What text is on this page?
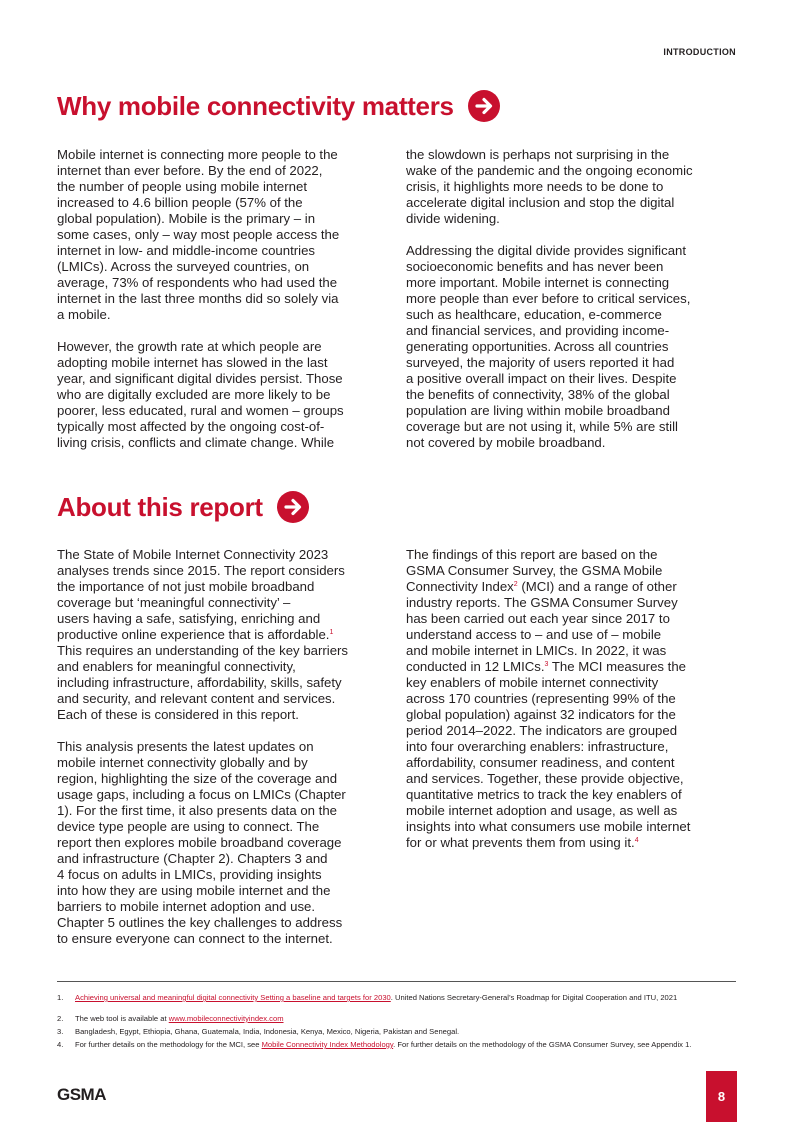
INTRODUCTION
Why mobile connectivity matters
Mobile internet is connecting more people to the
internet than ever before. By the end of 2022,
the number of people using mobile internet
increased to 4.6 billion people (57% of the
global population). Mobile is the primary – in
some cases, only – way most people access the
internet in low- and middle-income countries
(LMICs). Across the surveyed countries, on
average, 73% of respondents who had used the
internet in the last three months did so solely via
a mobile.
However, the growth rate at which people are
adopting mobile internet has slowed in the last
year, and significant digital divides persist. Those
who are digitally excluded are more likely to be
poorer, less educated, rural and women – groups
typically most affected by the ongoing cost-of-
living crisis, conflicts and climate change. While
the slowdown is perhaps not surprising in the
wake of the pandemic and the ongoing economic
crisis, it highlights more needs to be done to
accelerate digital inclusion and stop the digital
divide widening.
Addressing the digital divide provides significant
socioeconomic benefits and has never been
more important. Mobile internet is connecting
more people than ever before to critical services,
such as healthcare, education, e-commerce
and financial services, and providing income-
generating opportunities. Across all countries
surveyed, the majority of users reported it had
a positive overall impact on their lives. Despite
the benefits of connectivity, 38% of the global
population are living within mobile broadband
coverage but are not using it, while 5% are still
not covered by mobile broadband.
About this report
The State of Mobile Internet Connectivity 2023
analyses trends since 2015. The report considers
the importance of not just mobile broadband
coverage but ‘meaningful connectivity’ –
users having a safe, satisfying, enriching and
productive online experience that is affordable.$^1$
This requires an understanding of the key barriers
and enablers for meaningful connectivity,
including infrastructure, affordability, skills, safety
and security, and relevant content and services.
Each of these is considered in this report.
This analysis presents the latest updates on
mobile internet connectivity globally and by
region, highlighting the size of the coverage and
usage gaps, including a focus on LMICs (Chapter
1). For the first time, it also presents data on the
device type people are using to connect. The
report then explores mobile broadband coverage
and infrastructure (Chapter 2). Chapters 3 and
4 focus on adults in LMICs, providing insights
into how they are using mobile internet and the
barriers to mobile internet adoption and use.
Chapter 5 outlines the key challenges to address
to ensure everyone can connect to the internet.
The findings of this report are based on the
GSMA Consumer Survey, the GSMA Mobile
Connectivity Index$^2$ (MCI) and a range of other
industry reports. The GSMA Consumer Survey
has been carried out each year since 2017 to
understand access to – and use of – mobile
and mobile internet in LMICs. In 2022, it was
conducted in 12 LMICs.$^3$ The MCI measures the
key enablers of mobile internet connectivity
across 170 countries (representing 99% of the
global population) against 32 indicators for the
period 2014–2022. The indicators are grouped
into four overarching enablers: infrastructure,
affordability, consumer readiness, and content
and services. Together, these provide objective,
quantitative metrics to track the key enablers of
mobile internet adoption and usage, as well as
insights into what consumers use mobile internet
for or what prevents them from using it.$^4$
1.	Achieving universal and meaningful digital connectivity Setting a baseline and targets for 2030. United Nations Secretary-General’s Roadmap for Digital Cooperation and ITU, 2021
2.	The web tool is available at www.mobileconnectivityindex.com
3.	Bangladesh, Egypt, Ethiopia, Ghana, Guatemala, India, Indonesia, Kenya, Mexico, Nigeria, Pakistan and Senegal.
4.	For further details on the methodology for the MCI, see Mobile Connectivity Index Methodology. For further details on the methodology of the GSMA Consumer Survey, see Appendix 1.
GSMA	8
